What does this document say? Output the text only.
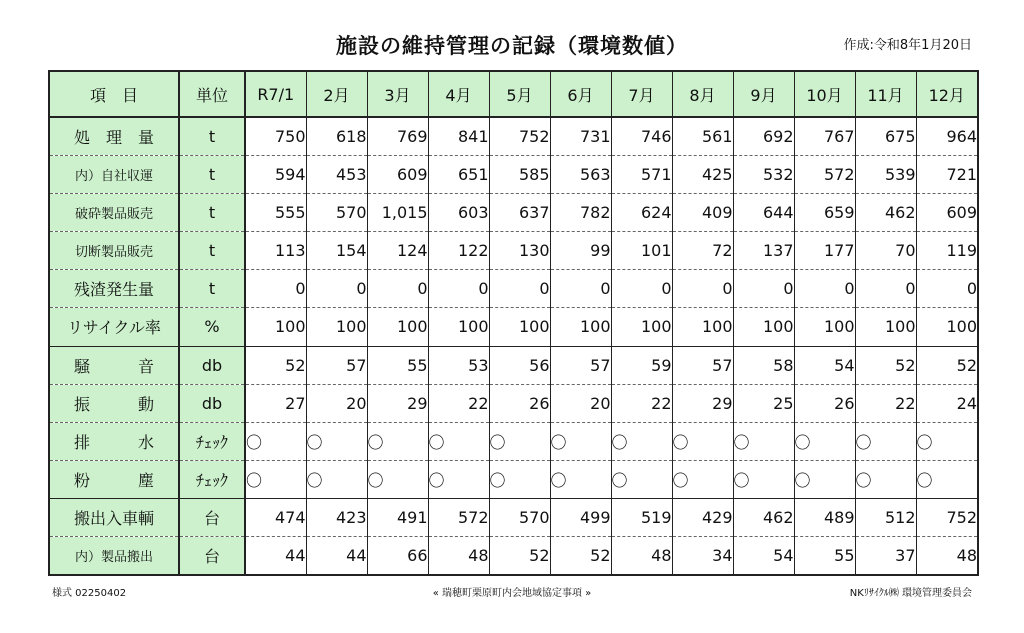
施設の維持管理の記録（環境数値）	作成:令和8年1月20日
項　目	単位	R7/1	2月	3月	4月	5月	6月	7月	8月	9月	10月	11月	12月
処　理　量	t	750	618	769	841	752	731	746	561	692	767	675	964
内）自社収運	t	594	453	609	651	585	563	571	425	532	572	539	721
破砕製品販売	t	555	570	1,015	603	637	782	624	409	644	659	462	609
切断製品販売	t	113	154	124	122	130	99	101	72	137	177	70	119
残渣発生量	t	0	0	0	0	0	0	0	0	0	0	0	0
リサイクル率	%	100	100	100	100	100	100	100	100	100	100	100	100
騒　　　音	db	52	57	55	53	56	57	59	57	58	54	52	52
振　　　動	db	27	20	29	22	26	20	22	29	25	26	22	24
排　　　水	ﾁｪｯｸ	〇	〇	〇	〇	〇	〇	〇	〇	〇	〇	〇	〇
粉　　　塵	ﾁｪｯｸ	〇	〇	〇	〇	〇	〇	〇	〇	〇	〇	〇	〇
搬出入車輌	台	474	423	491	572	570	499	519	429	462	489	512	752
内）製品搬出	台	44	44	66	48	52	52	48	34	54	55	37	48
様式 02250402	« 瑞穂町栗原町内会地域協定事項 »	NKﾘｻｲｸﾙ㈱ 環境管理委員会
